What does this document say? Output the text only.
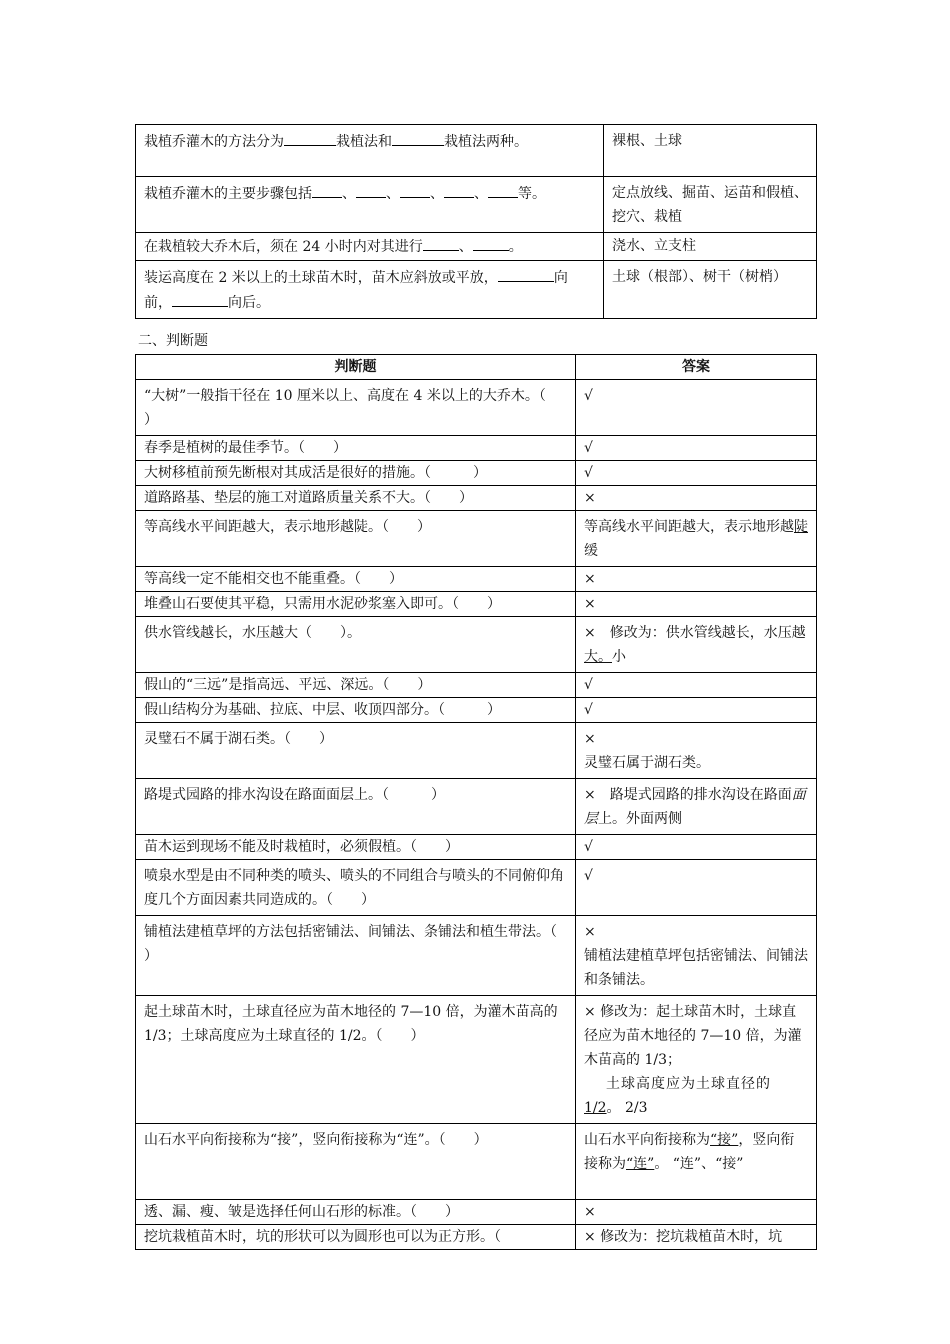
栽植乔灌木的方法分为 栽植法和 栽植法两种。	裸根、土球
栽植乔灌木的主要步骤包括 、 、 、 、 等。	定点放线、掘苗、运苗和假植、挖穴、栽植
在栽植较大乔木后，须在 24 小时内对其进行 、 。	浇水、立支柱
装运高度在 2 米以上的土球苗木时，苗木应斜放或平放， 向前， 向后。	土球（根部）、树干（树梢）
二、判断题
判断题	答案
“大树”一般指干径在 10 厘米以上、高度在 4 米以上的大乔木。（　　）	√
春季是植树的最佳季节。（　　）	√
大树移植前预先断根对其成活是很好的措施。（　　　）	√
道路路基、垫层的施工对道路质量关系不大。（　　）	×
等高线水平间距越大，表示地形越陡。（　　）	等高线水平间距越大，表示地形越陡 缓
等高线一定不能相交也不能重叠。（　　）	×
堆叠山石要使其平稳，只需用水泥砂浆塞入即可。（　　）	×
供水管线越长，水压越大（　　）。	×　修改为：供水管线越长，水压越大。小
假山的“三远”是指高远、平远、深远。（　　）	√
假山结构分为基础、拉底、中层、收顶四部分。（　　　）	√
灵璧石不属于湖石类。（　　）	×
灵璧石属于湖石类。

路堤式园路的排水沟设在路面面层上。（　　　）	×　路堤式园路的排水沟设在路面面层上。外面两侧
苗木运到现场不能及时栽植时，必须假植。（　　）	√
喷泉水型是由不同种类的喷头、喷头的不同组合与喷头的不同俯仰角度几个方面因素共同造成的。（　　）	√
铺植法建植草坪的方法包括密铺法、间铺法、条铺法和植生带法。（　　）	×
铺植法建植草坪包括密铺法、间铺法和条铺法。

起土球苗木时，土球直径应为苗木地径的 7—10 倍，为灌木苗高的 1/3；土球高度应为土球直径的 1/2。（　　）	× 修改为：起土球苗木时，土球直径应为苗木地径的 7—10 倍，为灌木苗高的 1/3；
土球高度应为土球直径的
1/2。 2/3

山石水平向衔接称为“接”，竖向衔接称为“连”。（　　）	山石水平向衔接称为“接”，竖向衔接称为“连”。 “连”、“接”
透、漏、瘦、皱是选择任何山石形的标准。（　　）	×
挖坑栽植苗木时，坑的形状可以为圆形也可以为正方形。（	× 修改为：挖坑栽植苗木时，坑
